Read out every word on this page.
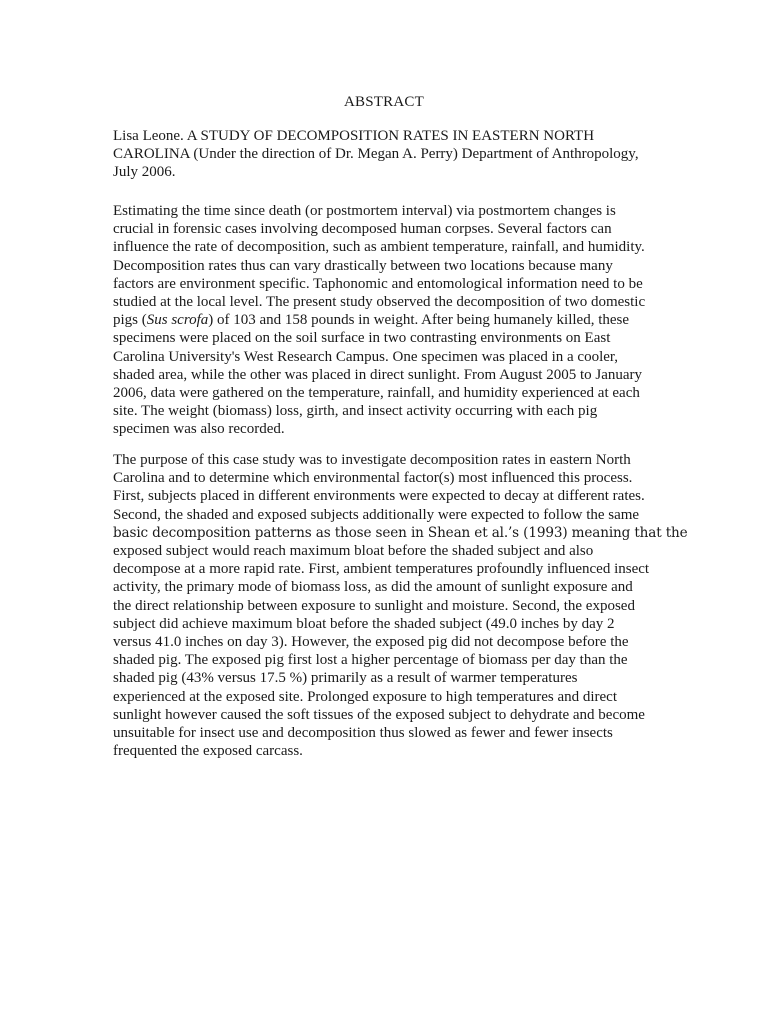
ABSTRACT
Lisa Leone. A STUDY OF DECOMPOSITION RATES IN EASTERN NORTH
CAROLINA (Under the direction of Dr. Megan A. Perry) Department of Anthropology,
July 2006.
Estimating the time since death (or postmortem interval) via postmortem changes is
crucial in forensic cases involving decomposed human corpses. Several factors can
influence the rate of decomposition, such as ambient temperature, rainfall, and humidity.
Decomposition rates thus can vary drastically between two locations because many
factors are environment specific. Taphonomic and entomological information need to be
studied at the local level. The present study observed the decomposition of two domestic
pigs (Sus scrofa) of 103 and 158 pounds in weight. After being humanely killed, these
specimens were placed on the soil surface in two contrasting environments on East
Carolina University's West Research Campus. One specimen was placed in a cooler,
shaded area, while the other was placed in direct sunlight. From August 2005 to January
2006, data were gathered on the temperature, rainfall, and humidity experienced at each
site. The weight (biomass) loss, girth, and insect activity occurring with each pig
specimen was also recorded.
The purpose of this case study was to investigate decomposition rates in eastern North
Carolina and to determine which environmental factor(s) most influenced this process.
First, subjects placed in different environments were expected to decay at different rates.
Second, the shaded and exposed subjects additionally were expected to follow the same
basic decomposition patterns as those seen in Shean et al.’s (1993) meaning that the
exposed subject would reach maximum bloat before the shaded subject and also
decompose at a more rapid rate. First, ambient temperatures profoundly influenced insect
activity, the primary mode of biomass loss, as did the amount of sunlight exposure and
the direct relationship between exposure to sunlight and moisture. Second, the exposed
subject did achieve maximum bloat before the shaded subject (49.0 inches by day 2
versus 41.0 inches on day 3). However, the exposed pig did not decompose before the
shaded pig. The exposed pig first lost a higher percentage of biomass per day than the
shaded pig (43% versus 17.5 %) primarily as a result of warmer temperatures
experienced at the exposed site. Prolonged exposure to high temperatures and direct
sunlight however caused the soft tissues of the exposed subject to dehydrate and become
unsuitable for insect use and decomposition thus slowed as fewer and fewer insects
frequented the exposed carcass.
